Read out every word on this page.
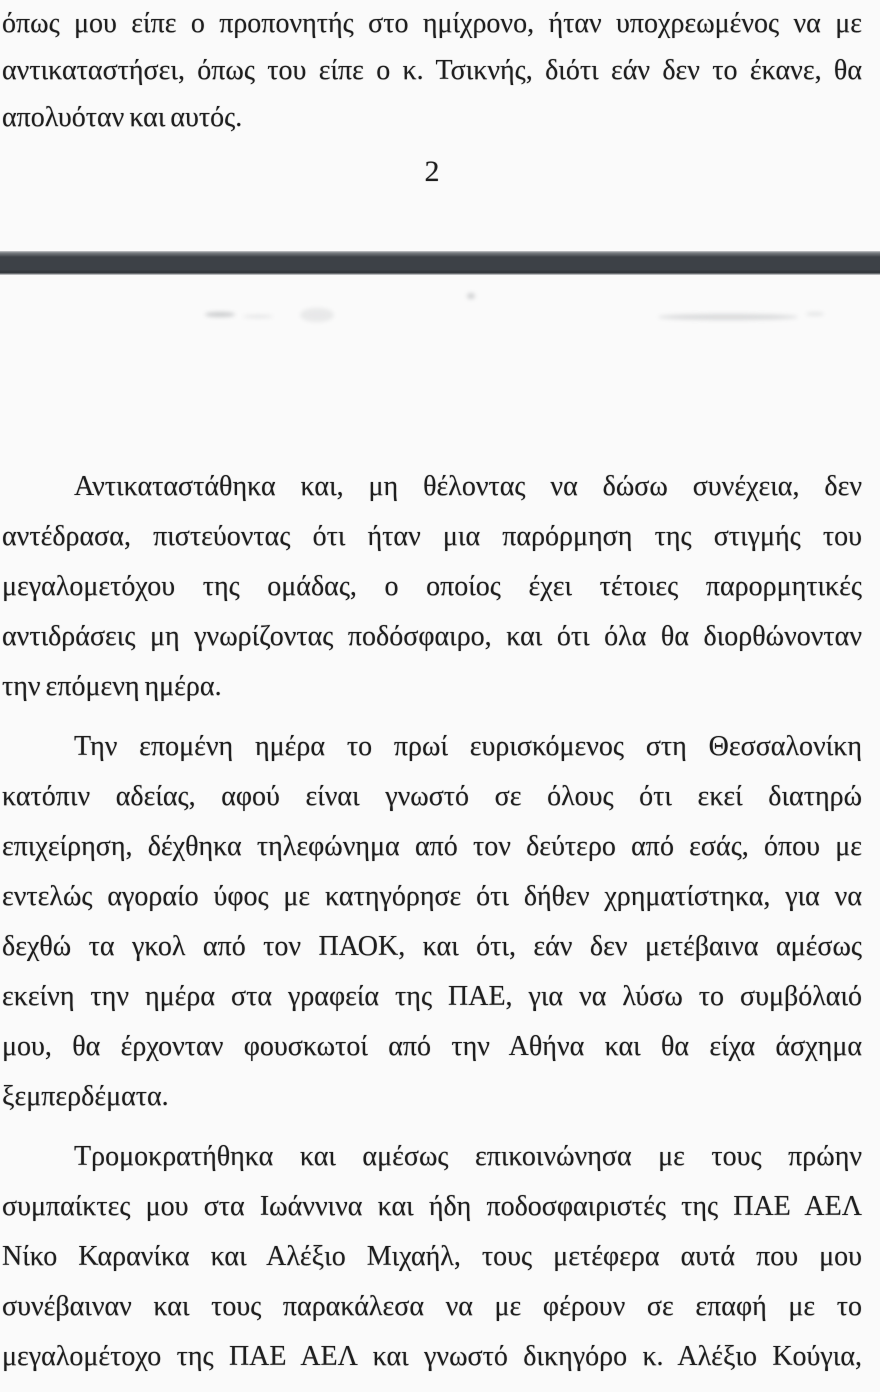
όπως μου είπε ο προπονητής στο ημίχρονο, ήταν υποχρεωμένος να με
αντικαταστήσει, όπως του είπε ο κ. Τσικνής, διότι εάν δεν το έκανε, θα
απολυόταν και αυτός.
2
Αντικαταστάθηκα και, μη θέλοντας να δώσω συνέχεια, δεν
αντέδρασα, πιστεύοντας ότι ήταν μια παρόρμηση της στιγμής του
μεγαλομετόχου της ομάδας, ο οποίος έχει τέτοιες παρορμητικές
αντιδράσεις μη γνωρίζοντας ποδόσφαιρο, και ότι όλα θα διορθώνονταν
την επόμενη ημέρα.
Την επομένη ημέρα το πρωί ευρισκόμενος στη Θεσσαλονίκη
κατόπιν αδείας, αφού είναι γνωστό σε όλους ότι εκεί διατηρώ
επιχείρηση, δέχθηκα τηλεφώνημα από τον δεύτερο από εσάς, όπου με
εντελώς αγοραίο ύφος με κατηγόρησε ότι δήθεν χρηματίστηκα, για να
δεχθώ τα γκολ από τον ΠΑΟΚ, και ότι, εάν δεν μετέβαινα αμέσως
εκείνη την ημέρα στα γραφεία της ΠΑΕ, για να λύσω το συμβόλαιό
μου, θα έρχονταν φουσκωτοί από την Αθήνα και θα είχα άσχημα
ξεμπερδέματα.
Τρομοκρατήθηκα και αμέσως επικοινώνησα με τους πρώην
συμπαίκτες μου στα Ιωάννινα και ήδη ποδοσφαιριστές της ΠΑΕ ΑΕΛ
Νίκο Καρανίκα και Αλέξιο Μιχαήλ, τους μετέφερα αυτά που μου
συνέβαιναν και τους παρακάλεσα να με φέρουν σε επαφή με το
μεγαλομέτοχο της ΠΑΕ ΑΕΛ και γνωστό δικηγόρο κ. Αλέξιο Κούγια,
